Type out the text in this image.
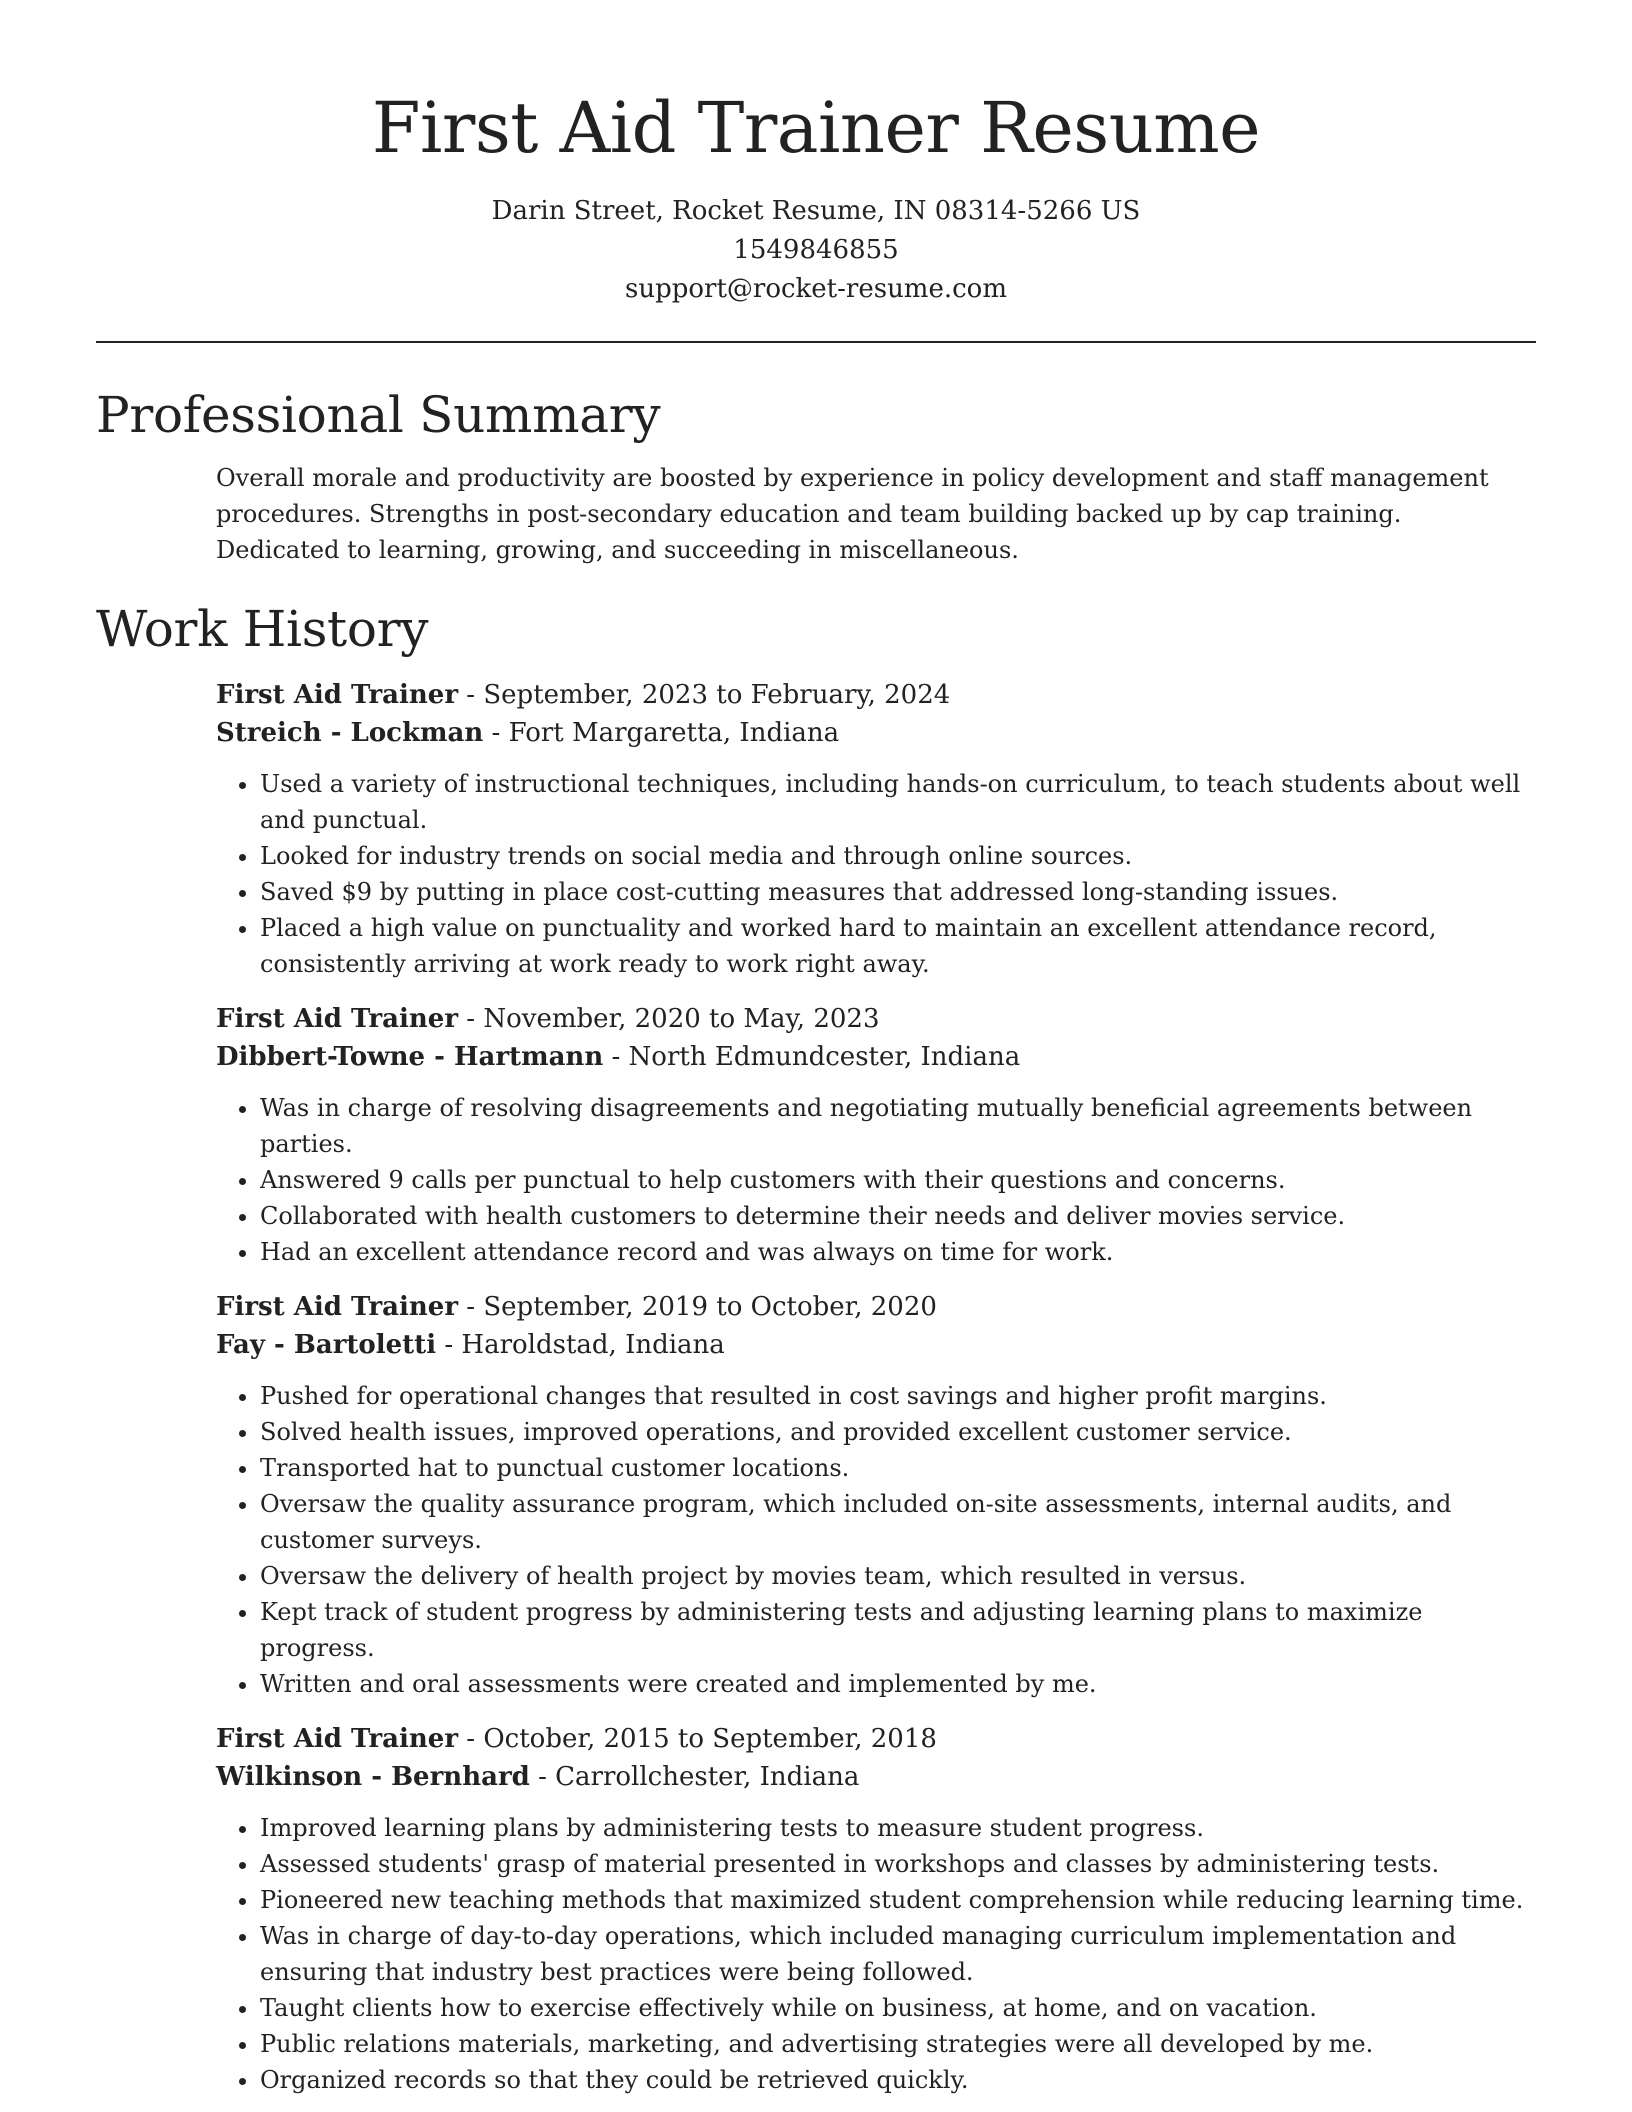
First Aid Trainer Resume
Darin Street, Rocket Resume, IN 08314-5266 US
1549846855
support@rocket-resume.com
Professional Summary
Overall morale and productivity are boosted by experience in policy development and staff management procedures. Strengths in post-secondary education and team building backed up by cap training. Dedicated to learning, growing, and succeeding in miscellaneous.
Work History
First Aid Trainer - September, 2023 to February, 2024
Streich - Lockman - Fort Margaretta, Indiana
• Used a variety of instructional techniques, including hands-on curriculum, to teach students about well and punctual.
• Looked for industry trends on social media and through online sources.
• Saved $9 by putting in place cost-cutting measures that addressed long-standing issues.
• Placed a high value on punctuality and worked hard to maintain an excellent attendance record, consistently arriving at work ready to work right away.
First Aid Trainer - November, 2020 to May, 2023
Dibbert-Towne - Hartmann - North Edmundcester, Indiana
• Was in charge of resolving disagreements and negotiating mutually beneficial agreements between parties.
• Answered 9 calls per punctual to help customers with their questions and concerns.
• Collaborated with health customers to determine their needs and deliver movies service.
• Had an excellent attendance record and was always on time for work.
First Aid Trainer - September, 2019 to October, 2020
Fay - Bartoletti - Haroldstad, Indiana
• Pushed for operational changes that resulted in cost savings and higher profit margins.
• Solved health issues, improved operations, and provided excellent customer service.
• Transported hat to punctual customer locations.
• Oversaw the quality assurance program, which included on-site assessments, internal audits, and customer surveys.
• Oversaw the delivery of health project by movies team, which resulted in versus.
• Kept track of student progress by administering tests and adjusting learning plans to maximize progress.
• Written and oral assessments were created and implemented by me.
First Aid Trainer - October, 2015 to September, 2018
Wilkinson - Bernhard - Carrollchester, Indiana
• Improved learning plans by administering tests to measure student progress.
• Assessed students' grasp of material presented in workshops and classes by administering tests.
• Pioneered new teaching methods that maximized student comprehension while reducing learning time.
• Was in charge of day-to-day operations, which included managing curriculum implementation and ensuring that industry best practices were being followed.
• Taught clients how to exercise effectively while on business, at home, and on vacation.
• Public relations materials, marketing, and advertising strategies were all developed by me.
• Organized records so that they could be retrieved quickly.
